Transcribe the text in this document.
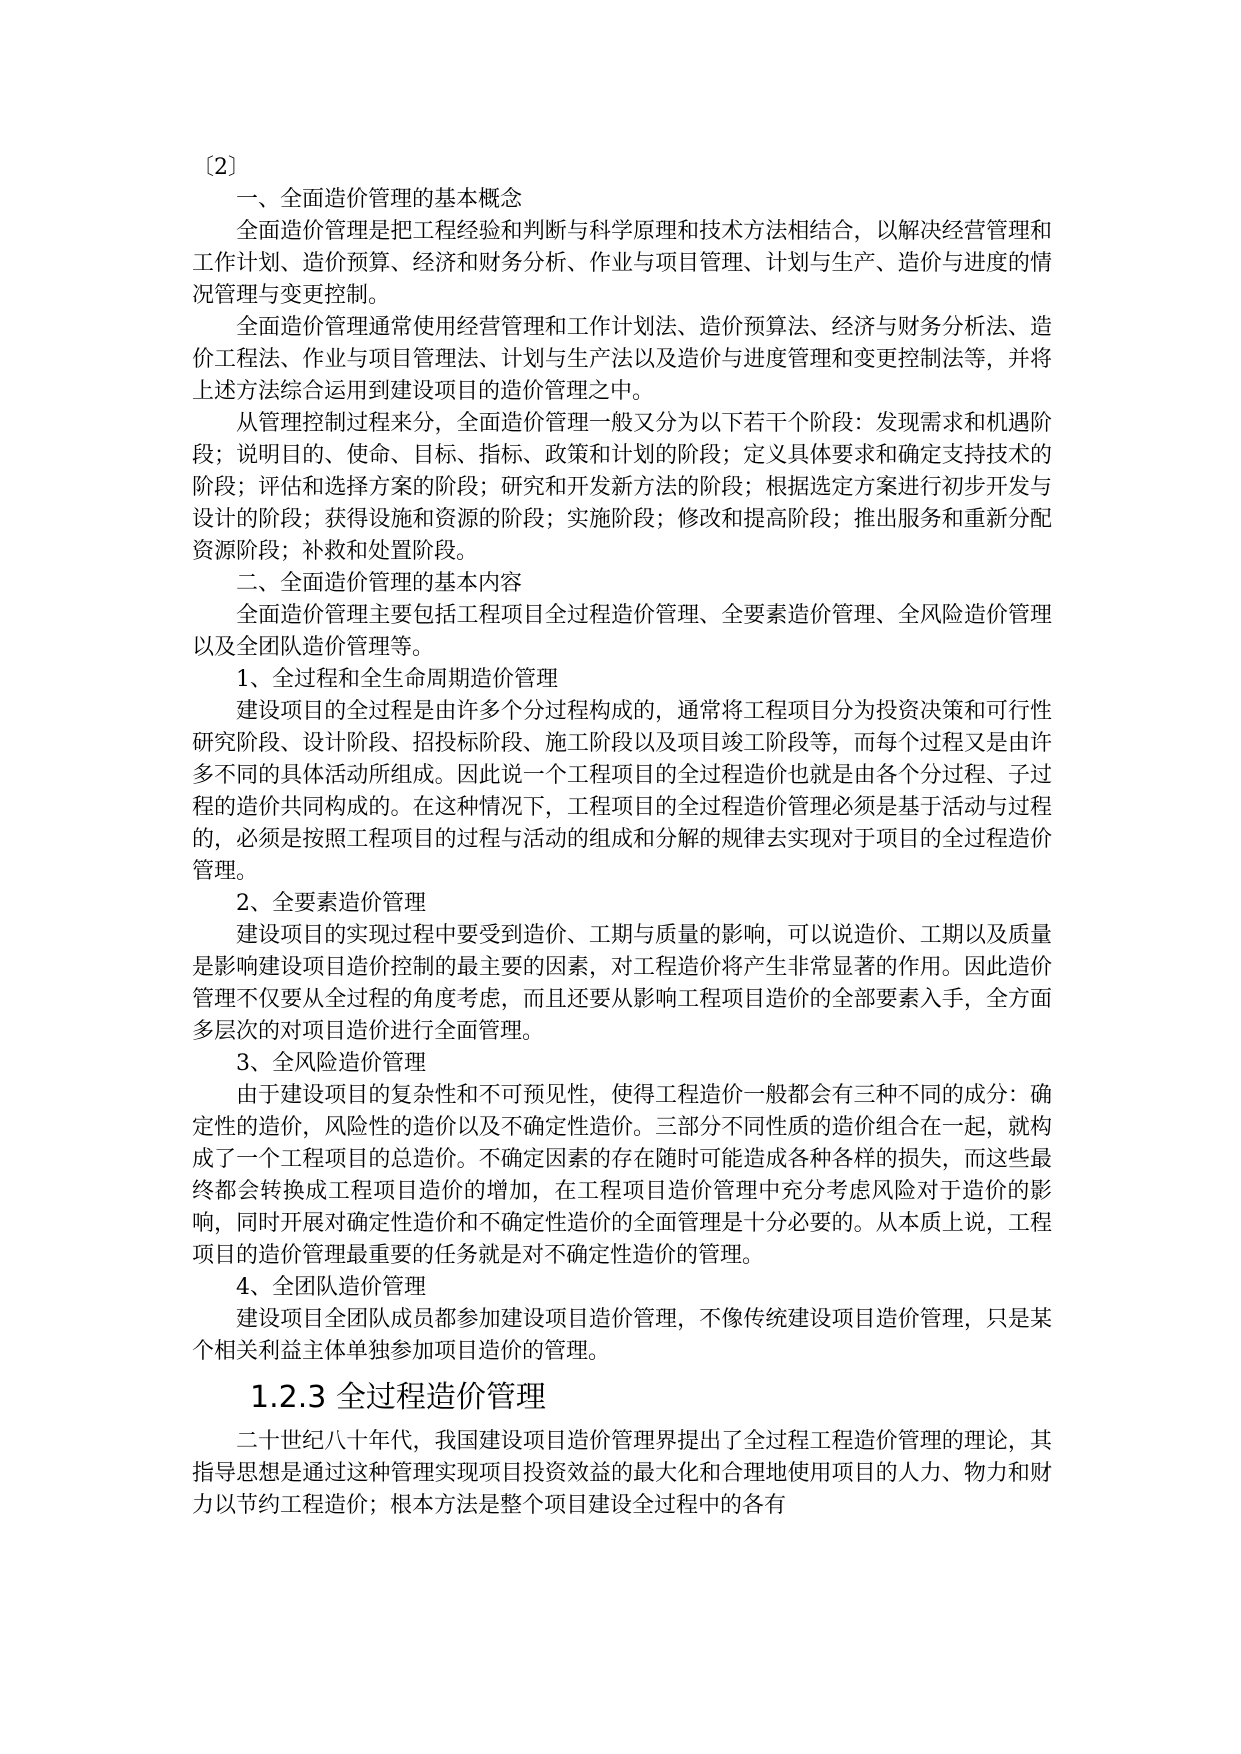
〔2〕

一、全面造价管理的基本概念

全面造价管理是把工程经验和判断与科学原理和技术方法相结合，以解决经营管理和工作计划、造价预算、经济和财务分析、作业与项目管理、计划与生产、造价与进度的情况管理与变更控制。

全面造价管理通常使用经营管理和工作计划法、造价预算法、经济与财务分析法、造价工程法、作业与项目管理法、计划与生产法以及造价与进度管理和变更控制法等，并将上述方法综合运用到建设项目的造价管理之中。

从管理控制过程来分，全面造价管理一般又分为以下若干个阶段：发现需求和机遇阶段；说明目的、使命、目标、指标、政策和计划的阶段；定义具体要求和确定支持技术的阶段；评估和选择方案的阶段；研究和开发新方法的阶段；根据选定方案进行初步开发与设计的阶段；获得设施和资源的阶段；实施阶段；修改和提高阶段；推出服务和重新分配资源阶段；补救和处置阶段。

二、全面造价管理的基本内容

全面造价管理主要包括工程项目全过程造价管理、全要素造价管理、全风险造价管理以及全团队造价管理等。

1、全过程和全生命周期造价管理

建设项目的全过程是由许多个分过程构成的，通常将工程项目分为投资决策和可行性研究阶段、设计阶段、招投标阶段、施工阶段以及项目竣工阶段等，而每个过程又是由许多不同的具体活动所组成。因此说一个工程项目的全过程造价也就是由各个分过程、子过程的造价共同构成的。在这种情况下，工程项目的全过程造价管理必须是基于活动与过程的，必须是按照工程项目的过程与活动的组成和分解的规律去实现对于项目的全过程造价管理。

2、全要素造价管理

建设项目的实现过程中要受到造价、工期与质量的影响，可以说造价、工期以及质量是影响建设项目造价控制的最主要的因素，对工程造价将产生非常显著的作用。因此造价管理不仅要从全过程的角度考虑，而且还要从影响工程项目造价的全部要素入手，全方面多层次的对项目造价进行全面管理。

3、全风险造价管理

由于建设项目的复杂性和不可预见性，使得工程造价一般都会有三种不同的成分：确定性的造价，风险性的造价以及不确定性造价。三部分不同性质的造价组合在一起，就构成了一个工程项目的总造价。不确定因素的存在随时可能造成各种各样的损失，而这些最终都会转换成工程项目造价的增加，在工程项目造价管理中充分考虑风险对于造价的影响，同时开展对确定性造价和不确定性造价的全面管理是十分必要的。从本质上说，工程项目的造价管理最重要的任务就是对不确定性造价的管理。

4、全团队造价管理

建设项目全团队成员都参加建设项目造价管理，不像传统建设项目造价管理，只是某个相关利益主体单独参加项目造价的管理。

1.2.3 全过程造价管理

二十世纪八十年代，我国建设项目造价管理界提出了全过程工程造价管理的理论，其指导思想是通过这种管理实现项目投资效益的最大化和合理地使用项目的人力、物力和财力以节约工程造价；根本方法是整个项目建设全过程中的各有
